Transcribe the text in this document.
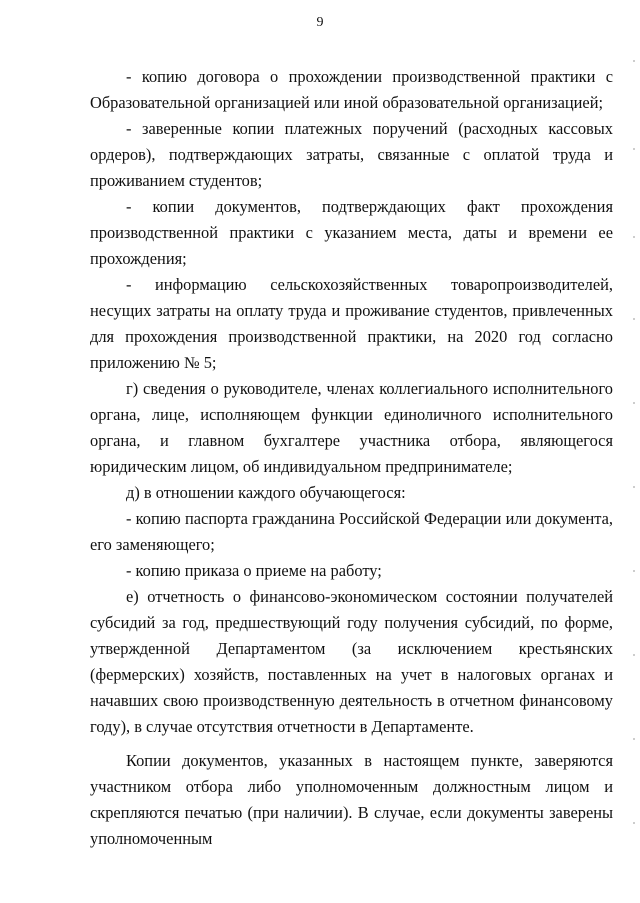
9

- копию договора о прохождении производственной практики с Образовательной организацией или иной образовательной организацией;

- заверенные копии платежных поручений (расходных кассовых ордеров), подтверждающих затраты, связанные с оплатой труда и проживанием студентов;

- копии документов, подтверждающих факт прохождения производственной практики с указанием места, даты и времени ее прохождения;

- информацию сельскохозяйственных товаропроизводителей, несущих затраты на оплату труда и проживание студентов, привлеченных для прохождения производственной практики, на 2020 год согласно приложению № 5;

г) сведения о руководителе, членах коллегиального исполнительного органа, лице, исполняющем функции единоличного исполнительного органа, и главном бухгалтере участника отбора, являющегося юридическим лицом, об индивидуальном предпринимателе;

д) в отношении каждого обучающегося:

- копию паспорта гражданина Российской Федерации или документа, его заменяющего;

- копию приказа о приеме на работу;

е) отчетность о финансово-экономическом состоянии получателей субсидий за год, предшествующий году получения субсидий, по форме, утвержденной Департаментом (за исключением крестьянских (фермерских) хозяйств, поставленных на учет в налоговых органах и начавших свою производственную деятельность в отчетном финансовому году), в случае отсутствия отчетности в Департаменте.

Копии документов, указанных в настоящем пункте, заверяются участником отбора либо уполномоченным должностным лицом и скрепляются печатью (при наличии). В случае, если документы заверены уполномоченным
